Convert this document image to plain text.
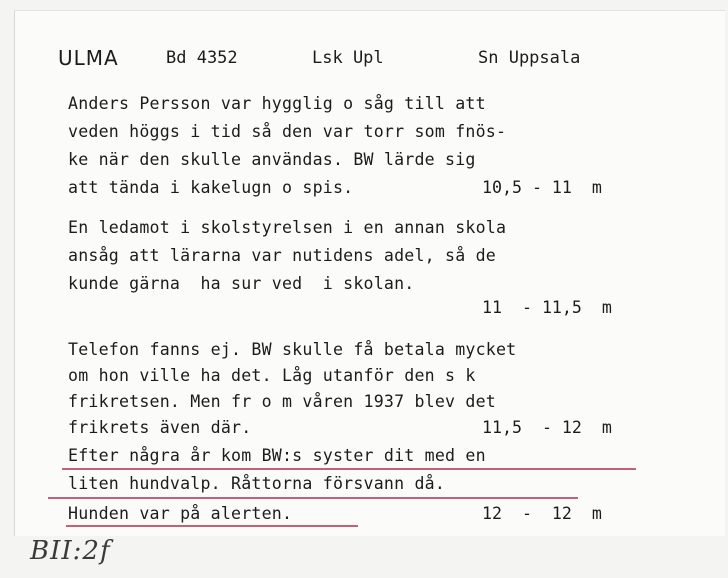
ULMA	Bd 4352	Lsk Upl	Sn Uppsala
Anders Persson var hygglig o såg till att
veden höggs i tid så den var torr som fnös-
ke när den skulle användas. BW lärde sig
att tända i kakelugn o spis.	10,5 - 11  m
En ledamot i skolstyrelsen i en annan skola
ansåg att lärarna var nutidens adel, så de
kunde gärna  ha sur ved  i skolan.
11  - 11,5  m
Telefon fanns ej. BW skulle få betala mycket
om hon ville ha det. Låg utanför den s k
frikretsen. Men fr o m våren 1937 blev det
frikrets även där.	11,5  - 12  m
Efter några år kom BW:s syster dit med en
liten hundvalp. Råttorna försvann då.
Hunden var på alerten.	12  -  12  m
BII:2f
